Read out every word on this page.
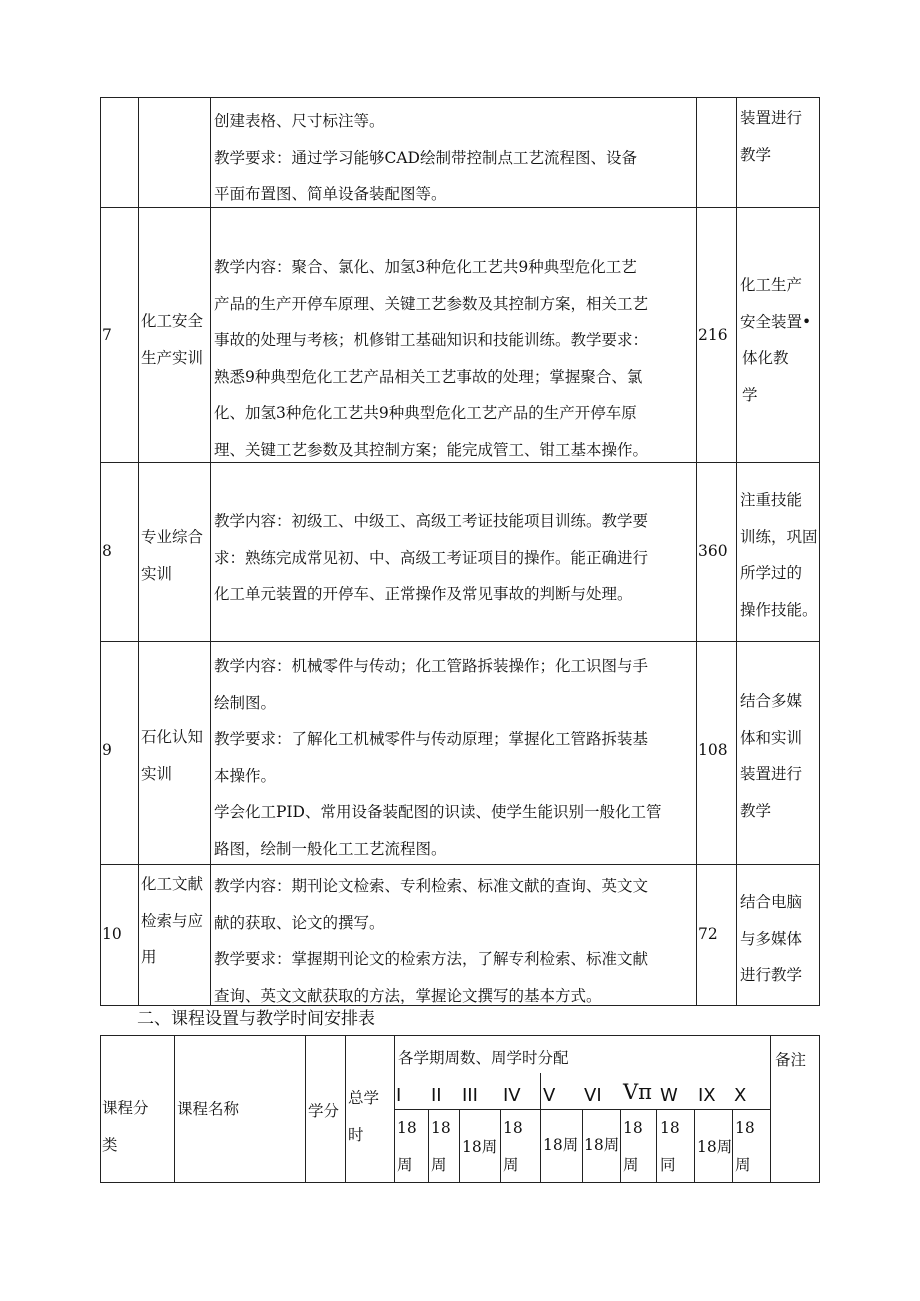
创建表格、尺寸标注等。
教学要求：通过学习能够CAD绘制带控制点工艺流程图、设备
平面布置图、简单设备装配图等。
装置进行
教学
7
化工安全
生产实训
教学内容：聚合、氯化、加氢3种危化工艺共9种典型危化工艺
产品的生产开停车原理、关键工艺参数及其控制方案，相关工艺
事故的处理与考核；机修钳工基础知识和技能训练。教学要求：
熟悉9种典型危化工艺产品相关工艺事故的处理；掌握聚合、氯
化、加氢3种危化工艺共9种典型危化工艺产品的生产开停车原
理、关键工艺参数及其控制方案；能完成管工、钳工基本操作。
216
化工生产
安全装置•
体化教
学
8
专业综合
实训
教学内容：初级工、中级工、高级工考证技能项目训练。教学要
求：熟练完成常见初、中、高级工考证项目的操作。能正确进行
化工单元装置的开停车、正常操作及常见事故的判断与处理。
360
注重技能
训练，巩固
所学过的
操作技能。
9
石化认知
实训
教学内容：机械零件与传动；化工管路拆装操作；化工识图与手
绘制图。
教学要求：了解化工机械零件与传动原理；掌握化工管路拆装基
本操作。
学会化工PID、常用设备装配图的识读、使学生能识别一般化工管
路图，绘制一般化工工艺流程图。
108
结合多媒
体和实训
装置进行
教学
10
化工文献
检索与应
用
教学内容：期刊论文检索、专利检索、标准文献的查询、英文文
献的获取、论文的撰写。
教学要求：掌握期刊论文的检索方法，了解专利检索、标准文献
查询、英文文献获取的方法，掌握论文撰写的基本方式。
72
结合电脑
与多媒体
进行教学
二、课程设置与教学时间安排表
课程分
类
课程名称	学分
总学
时
各学期周数、周学时分配	备注
I II III IV V VI Vπ W IX X
18
周
18
周
18周
18
周
18周 18周
18
周
18
同
18周
18
周
